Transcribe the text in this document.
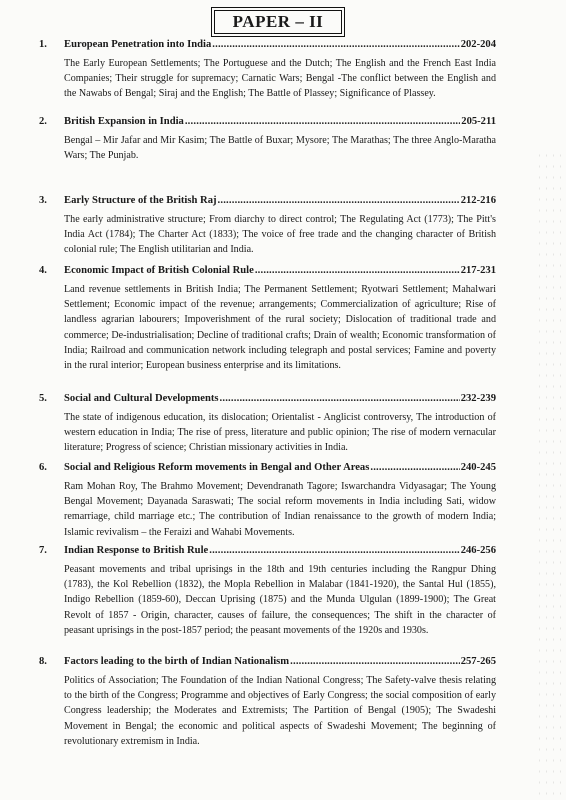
PAPER – II
1. European Penetration into India .....	202-204
The Early European Settlements; The Portuguese and the Dutch; The English and the French East India Companies; Their struggle for supremacy; Carnatic Wars; Bengal -The conflict between the English and the Nawabs of Bengal; Siraj and the English; The Battle of Plassey; Significance of Plassey.
2. British Expansion in India .....	205-211
Bengal – Mir Jafar and Mir Kasim; The Battle of Buxar; Mysore; The Marathas; The three Anglo-Maratha Wars; The Punjab.
3. Early Structure of the British Raj .....	212-216
The early administrative structure; From diarchy to direct control; The Regulating Act (1773); The Pitt's India Act (1784); The Charter Act (1833); The voice of free trade and the changing character of British colonial rule; The English utilitarian and India.
4. Economic Impact of British Colonial Rule .....	217-231
Land revenue settlements in British India; The Permanent Settlement; Ryotwari Settlement; Mahalwari Settlement; Economic impact of the revenue; arrangements; Commercialization of agriculture; Rise of landless agrarian labourers; Impoverishment of the rural society; Dislocation of traditional trade and commerce; De-industrialisation; Decline of traditional crafts; Drain of wealth; Economic transformation of India; Railroad and communication network including telegraph and postal services; Famine and poverty in the rural interior; European business enterprise and its limitations.
5. Social and Cultural Developments .....	232-239
The state of indigenous education, its dislocation; Orientalist - Anglicist controversy, The introduction of western education in India; The rise of press, literature and public opinion; The rise of modern vernacular literature; Progress of science; Christian missionary activities in India.
6. Social and Religious Reform movements in Bengal and Other Areas .....	240-245
Ram Mohan Roy, The Brahmo Movement; Devendranath Tagore; Iswarchandra Vidyasagar; The Young Bengal Movement; Dayanada Saraswati; The social reform movements in India including Sati, widow remarriage, child marriage etc.; The contribution of Indian renaissance to the growth of modern India; Islamic revivalism – the Feraizi and Wahabi Movements.
7. Indian Response to British Rule .....	246-256
Peasant movements and tribal uprisings in the 18th and 19th centuries including the Rangpur Dhing (1783), the Kol Rebellion (1832), the Mopla Rebellion in Malabar (1841-1920), the Santal Hul (1855), Indigo Rebellion (1859-60), Deccan Uprising (1875) and the Munda Ulgulan (1899-1900); The Great Revolt of 1857 - Origin, character, causes of failure, the consequences; The shift in the character of peasant uprisings in the post-1857 period; the peasant movements of the 1920s and 1930s.
8. Factors leading to the birth of Indian Nationalism .....	257-265
Politics of Association; The Foundation of the Indian National Congress; The Safety-valve thesis relating to the birth of the Congress; Programme and objectives of Early Congress; the social composition of early Congress leadership; the Moderates and Extremists; The Partition of Bengal (1905); The Swadeshi Movement in Bengal; the economic and political aspects of Swadeshi Movement; The beginning of revolutionary extremism in India.
